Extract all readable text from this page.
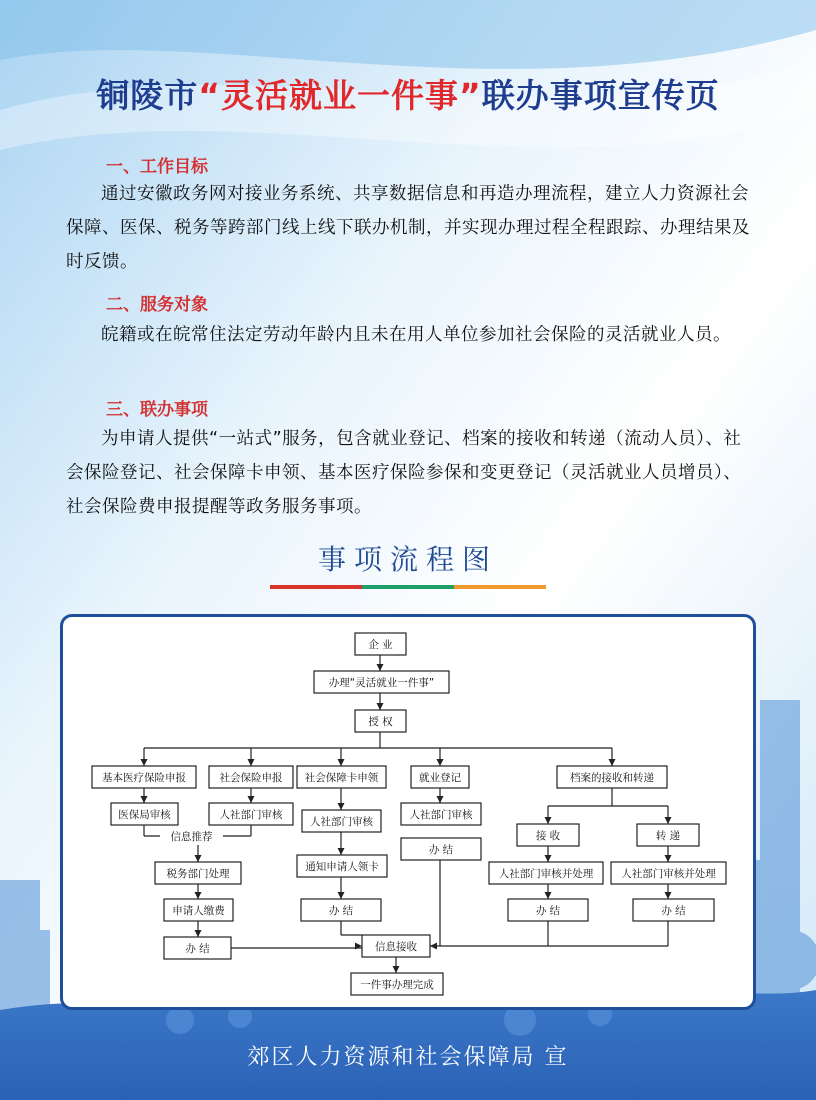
铜陵市“灵活就业一件事”联办事项宣传页
一、工作目标
通过安徽政务网对接业务系统、共享数据信息和再造办理流程，建立人力资源社会保障、医保、税务等跨部门线上线下联办机制，并实现办理过程全程跟踪、办理结果及时反馈。
二、服务对象
皖籍或在皖常住法定劳动年龄内且未在用人单位参加社会保险的灵活就业人员。
三、联办事项
为申请人提供“一站式”服务，包含就业登记、档案的接收和转递（流动人员）、社会保险登记、社会保障卡申领、基本医疗保险参保和变更登记（灵活就业人员增员）、社会保险费申报提醒等政务服务事项。
事项流程图
企 业
办理“灵活就业一件事”
授 权
基本医疗保险申报	社会保险申报 社会保障卡申领	就业登记	档案的接收和转递
医保局审核	人社部门审核
人社部门审核
人社部门审核
信息推荐	接 收	转 递
税务部门处理
通知申请人领卡
办 结
人社部门审核并处理	人社部门审核并处理
申请人缴费	办 结	办 结	办 结
办 结	信息接收
一件事办理完成
郊区人力资源和社会保障局 宣
